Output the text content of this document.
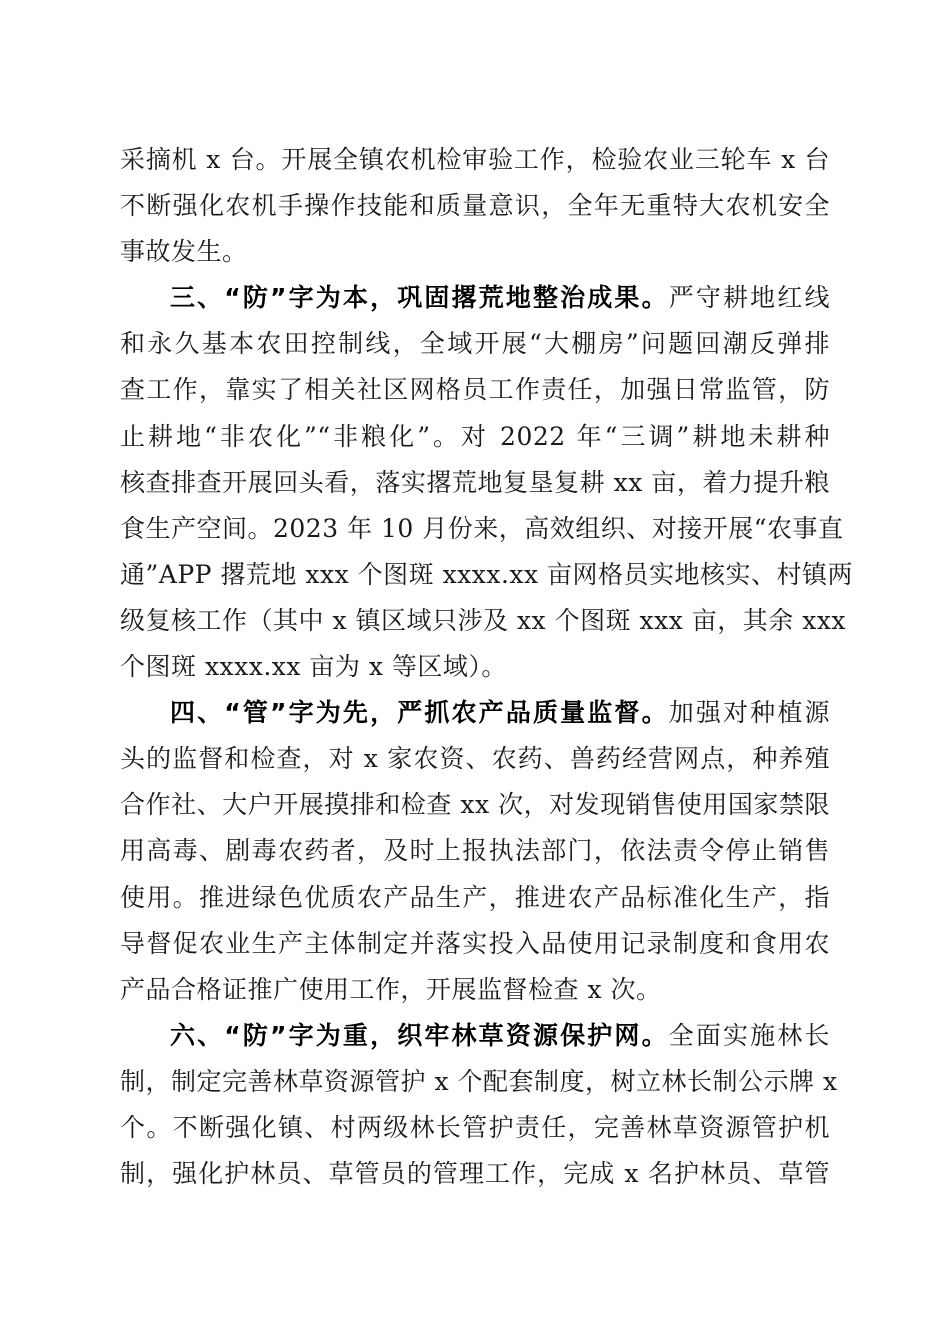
采摘机 x 台。开展全镇农机检审验工作，检验农业三轮车 x 台
不断强化农机手操作技能和质量意识，全年无重特大农机安全
事故发生。
三、“防”字为本，巩固撂荒地整治成果。严守耕地红线
和永久基本农田控制线，全域开展“大棚房”问题回潮反弹排
查工作，靠实了相关社区网格员工作责任，加强日常监管，防
止耕地“非农化”“非粮化”。对 2022 年“三调”耕地未耕种
核查排查开展回头看，落实撂荒地复垦复耕 xx 亩，着力提升粮
食生产空间。2023 年 10 月份来，高效组织、对接开展“农事直
通”APP 撂荒地 xxx 个图斑 xxxx.xx 亩网格员实地核实、村镇两
级复核工作（其中 x 镇区域只涉及 xx 个图斑 xxx 亩，其余 xxx
个图斑 xxxx.xx 亩为 x 等区域）。
四、“管”字为先，严抓农产品质量监督。加强对种植源
头的监督和检查，对 x 家农资、农药、兽药经营网点，种养殖
合作社、大户开展摸排和检查 xx 次，对发现销售使用国家禁限
用高毒、剧毒农药者，及时上报执法部门，依法责令停止销售
使用。推进绿色优质农产品生产，推进农产品标准化生产，指
导督促农业生产主体制定并落实投入品使用记录制度和食用农
产品合格证推广使用工作，开展监督检查 x 次。
六、“防”字为重，织牢林草资源保护网。全面实施林长
制，制定完善林草资源管护 x 个配套制度，树立林长制公示牌 x
个。不断强化镇、村两级林长管护责任，完善林草资源管护机
制，强化护林员、草管员的管理工作，完成 x 名护林员、草管
